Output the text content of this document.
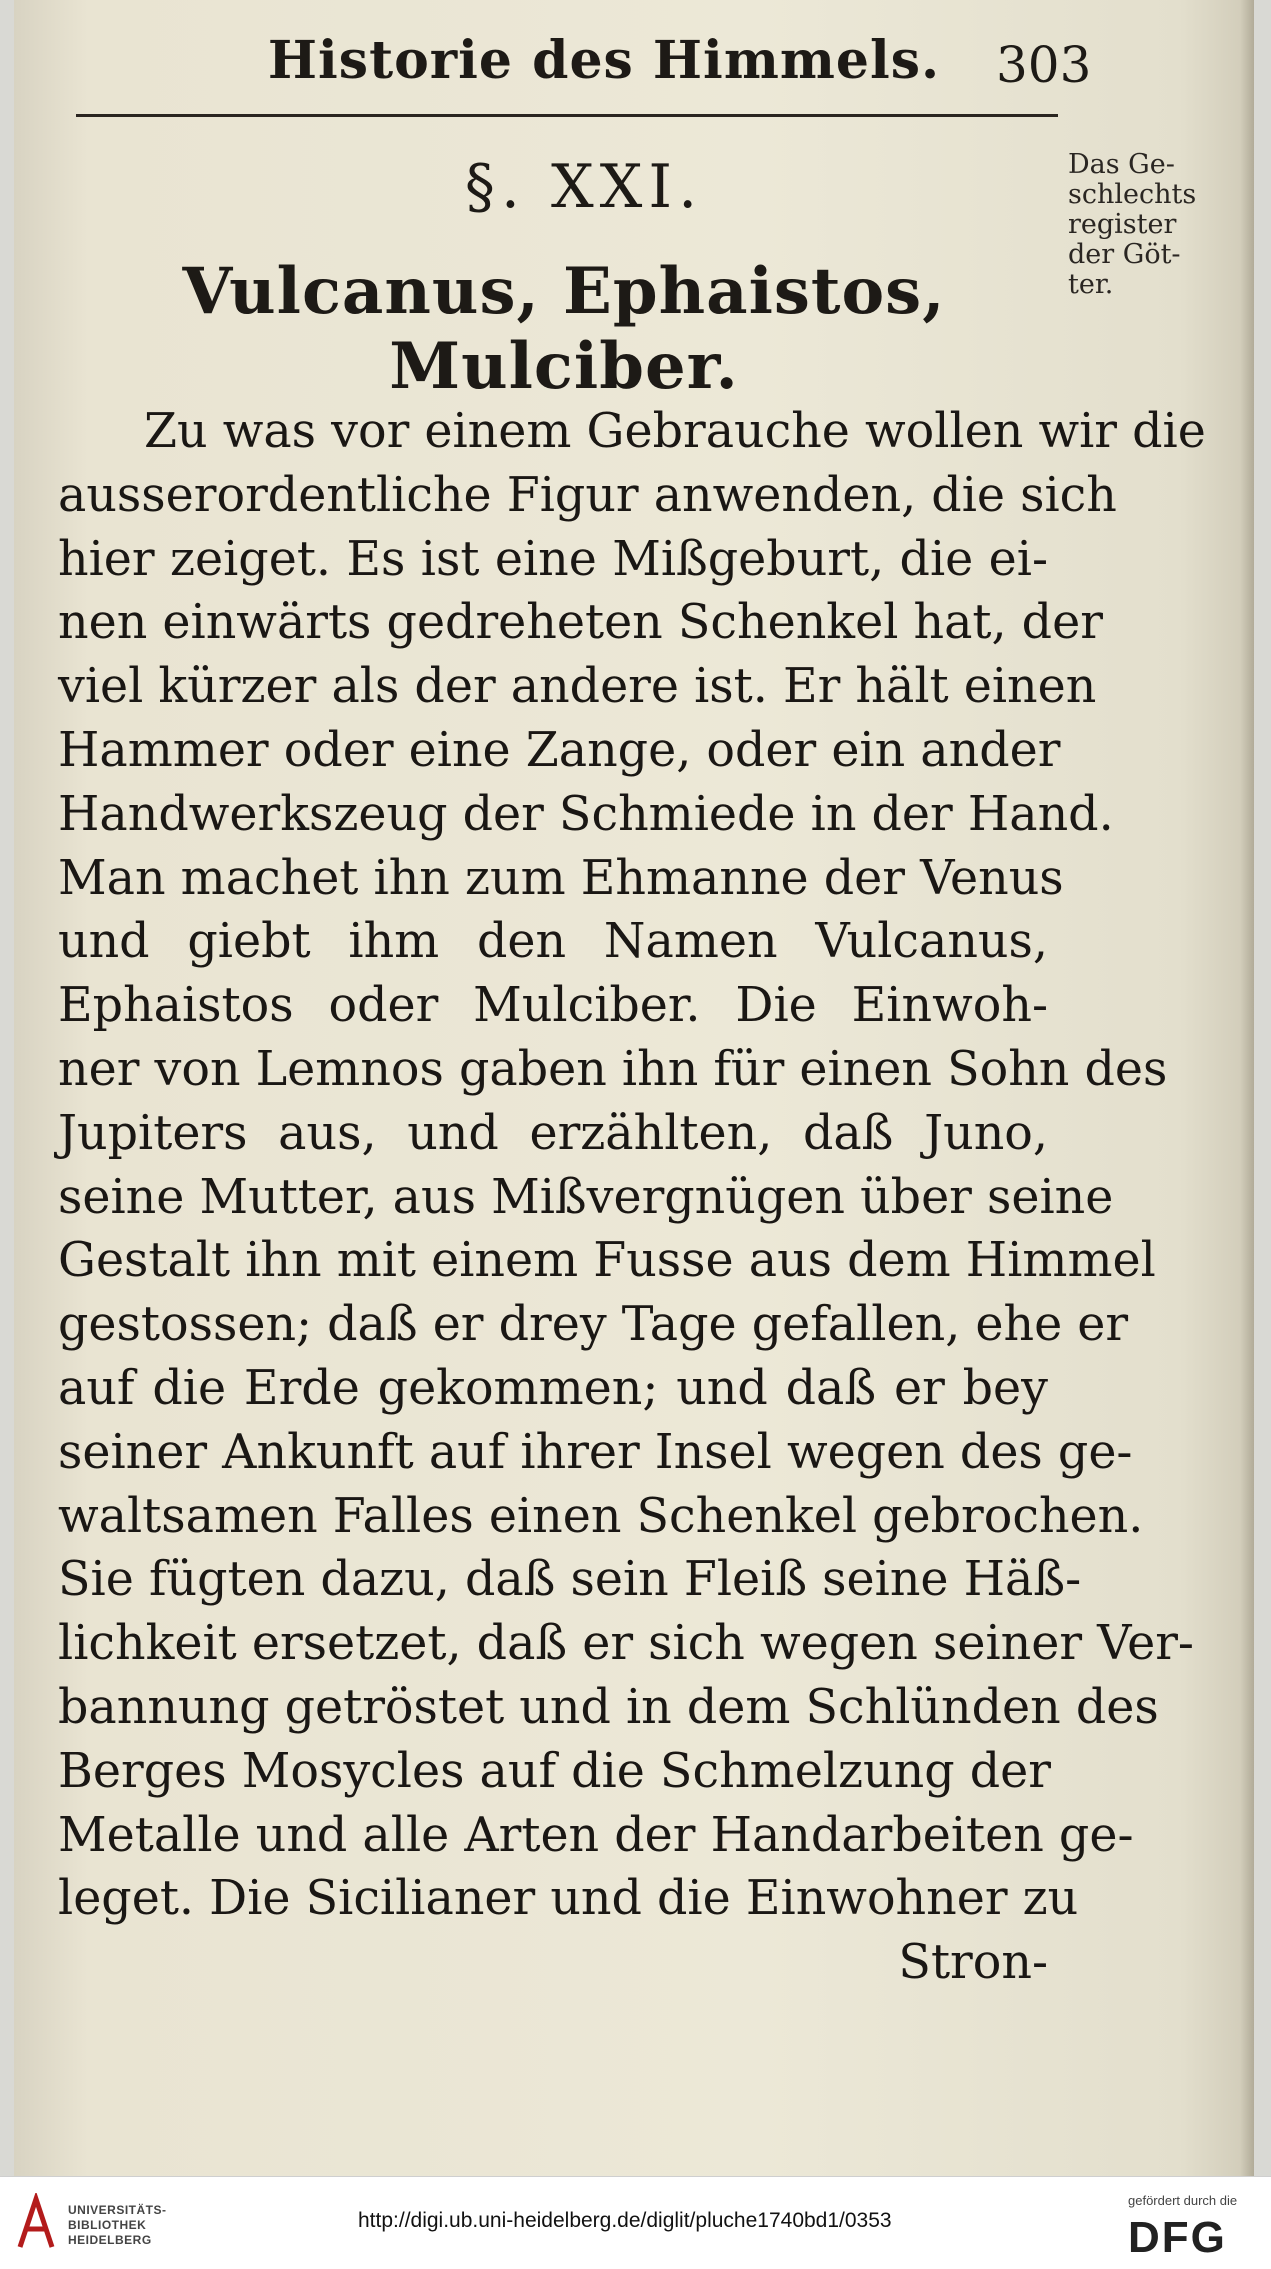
Historie des Himmels. 303
§. XXI.
Vulcanus, Ephaistos, Mulciber.
Das Ge-
schlechts
register
der Göt-
ter.
Zu was vor einem Gebrauche wollen wir die
ausserordentliche Figur anwenden, die sich
hier zeiget. Es ist eine Mißgeburt, die ei-
nen einwärts gedreheten Schenkel hat, der
viel kürzer als der andere ist. Er hält einen
Hammer oder eine Zange, oder ein ander
Handwerkszeug der Schmiede in der Hand.
Man machet ihn zum Ehmanne der Venus
und giebt ihm den Namen Vulcanus,
Ephaistos oder Mulciber. Die Einwoh-
ner von Lemnos gaben ihn für einen Sohn des
Jupiters aus, und erzählten, daß Juno,
seine Mutter, aus Mißvergnügen über seine
Gestalt ihn mit einem Fusse aus dem Himmel
gestossen; daß er drey Tage gefallen, ehe er
auf die Erde gekommen; und daß er bey
seiner Ankunft auf ihrer Insel wegen des ge-
waltsamen Falles einen Schenkel gebrochen.
Sie fügten dazu, daß sein Fleiß seine Häß-
lichkeit ersetzet, daß er sich wegen seiner Ver-
bannung getröstet und in dem Schlünden des
Berges Mosycles auf die Schmelzung der
Metalle und alle Arten der Handarbeiten ge-
leget. Die Sicilianer und die Einwohner zu
Stron-
UNIVERSITÄTS-
BIBLIOTHEK
HEIDELBERG
http://digi.ub.uni-heidelberg.de/diglit/pluche1740bd1/0353
gefördert durch die
DFG
